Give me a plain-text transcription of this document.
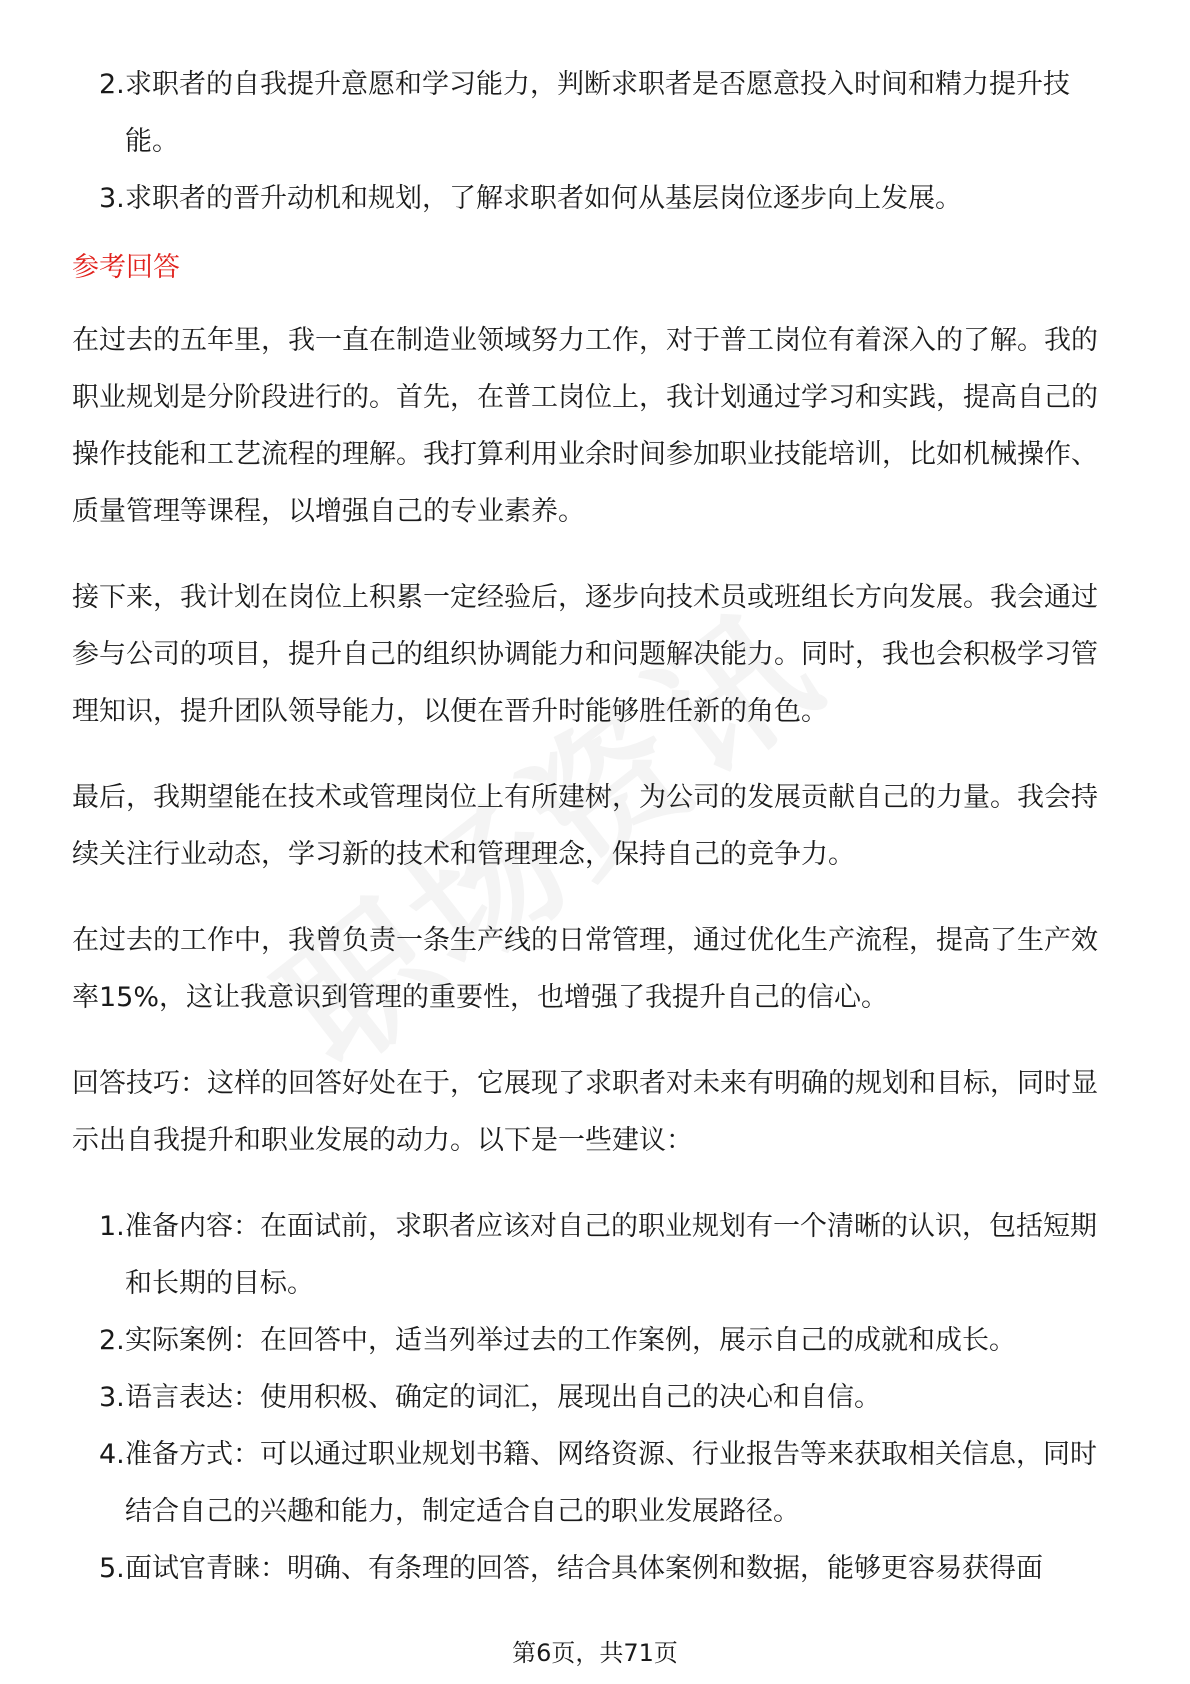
2. 求职者的自我提升意愿和学习能力，判断求职者是否愿意投入时间和精力提升技能。
3. 求职者的晋升动机和规划，了解求职者如何从基层岗位逐步向上发展。
参考回答

在过去的五年里，我一直在制造业领域努力工作，对于普工岗位有着深入的了解。我的职业规划是分阶段进行的。首先，在普工岗位上，我计划通过学习和实践，提高自己的操作技能和工艺流程的理解。我打算利用业余时间参加职业技能培训，比如机械操作、质量管理等课程，以增强自己的专业素养。

接下来，我计划在岗位上积累一定经验后，逐步向技术员或班组长方向发展。我会通过参与公司的项目，提升自己的组织协调能力和问题解决能力。同时，我也会积极学习管理知识，提升团队领导能力，以便在晋升时能够胜任新的角色。

最后，我期望能在技术或管理岗位上有所建树，为公司的发展贡献自己的力量。我会持续关注行业动态，学习新的技术和管理理念，保持自己的竞争力。

在过去的工作中，我曾负责一条生产线的日常管理，通过优化生产流程，提高了生产效率15%，这让我意识到管理的重要性，也增强了我提升自己的信心。

回答技巧：这样的回答好处在于，它展现了求职者对未来有明确的规划和目标，同时显示出自我提升和职业发展的动力。以下是一些建议：

1. 准备内容：在面试前，求职者应该对自己的职业规划有一个清晰的认识，包括短期和长期的目标。
2. 实际案例：在回答中，适当列举过去的工作案例，展示自己的成就和成长。
3. 语言表达：使用积极、确定的词汇，展现出自己的决心和自信。
4. 准备方式：可以通过职业规划书籍、网络资源、行业报告等来获取相关信息，同时结合自己的兴趣和能力，制定适合自己的职业发展路径。
5. 面试官青睐：明确、有条理的回答，结合具体案例和数据，能够更容易获得面
第6页，共71页
